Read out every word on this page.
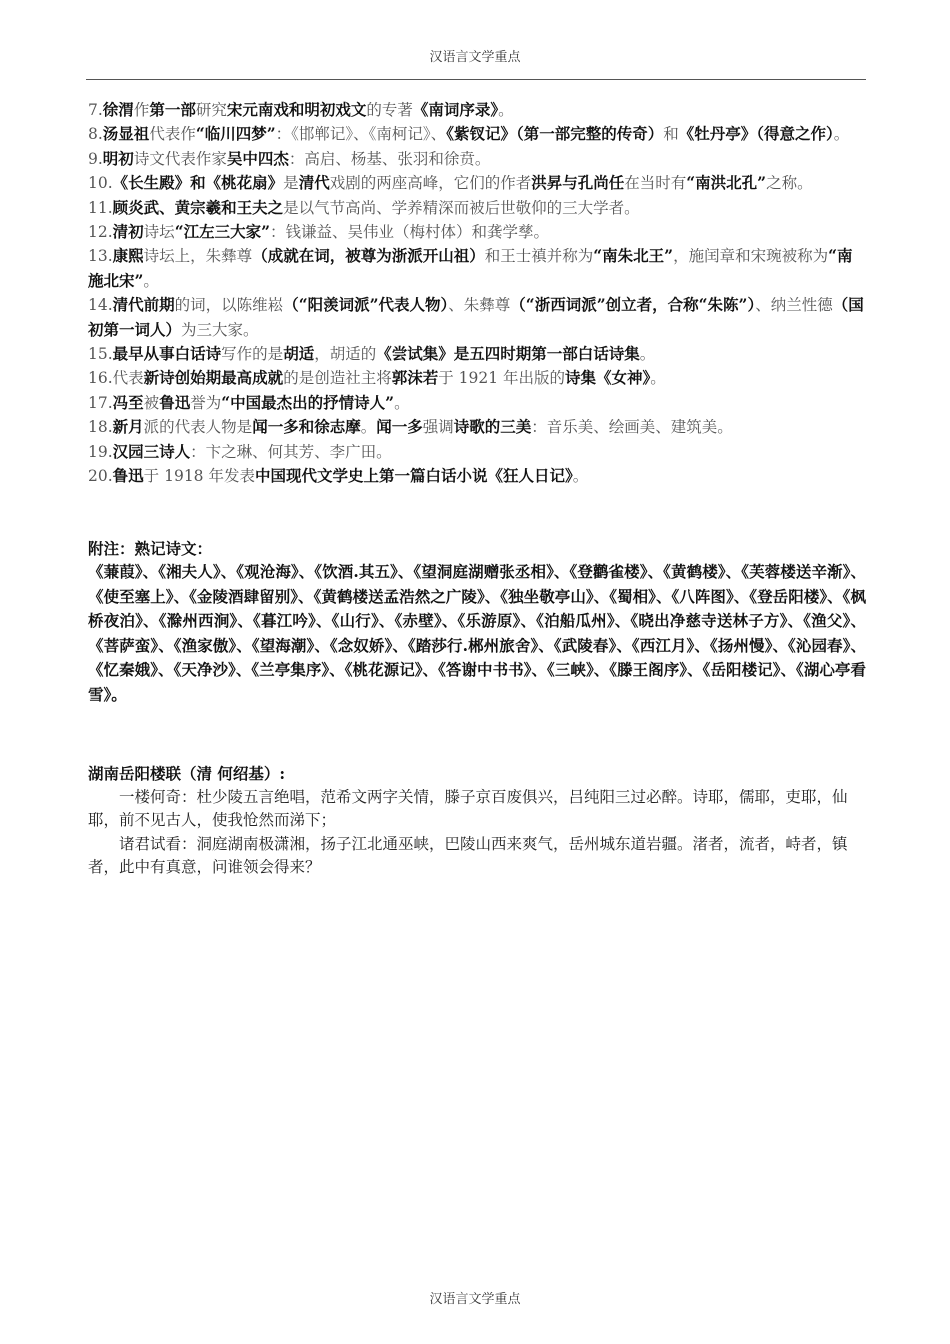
汉语言文学重点
7.徐渭作第一部研究宋元南戏和明初戏文的专著《南词序录》。
8.汤显祖代表作“临川四梦”：《邯郸记》、《南柯记》、《紫钗记》（第一部完整的传奇）和《牡丹亭》（得意之作）。
9.明初诗文代表作家吴中四杰：高启、杨基、张羽和徐贲。
10.《长生殿》和《桃花扇》是清代戏剧的两座高峰，它们的作者洪昇与孔尚任在当时有“南洪北孔”之称。
11.顾炎武、黄宗羲和王夫之是以气节高尚、学养精深而被后世敬仰的三大学者。
12.清初诗坛“江左三大家”：钱谦益、吴伟业（梅村体）和龚学孳。
13.康熙诗坛上，朱彝尊（成就在词，被尊为浙派开山祖）和王士禛并称为“南朱北王”，施闰章和宋琬被称为“南施北宋”。
14.清代前期的词，以陈维崧（“阳羡词派”代表人物）、朱彝尊（“浙西词派”创立者，合称“朱陈”）、纳兰性德（国初第一词人）为三大家。
15.最早从事白话诗写作的是胡适，胡适的《尝试集》是五四时期第一部白话诗集。
16.代表新诗创始期最高成就的是创造社主将郭沫若于 1921 年出版的诗集《女神》。
17.冯至被鲁迅誉为“中国最杰出的抒情诗人”。
18.新月派的代表人物是闻一多和徐志摩。闻一多强调诗歌的三美：音乐美、绘画美、建筑美。
19.汉园三诗人：卞之琳、何其芳、李广田。
20.鲁迅于 1918 年发表中国现代文学史上第一篇白话小说《狂人日记》。
附注：熟记诗文：
《蒹葭》、《湘夫人》、《观沧海》、《饮酒.其五》、《望洞庭湖赠张丞相》、《登鹳雀楼》、《黄鹤楼》、《芙蓉楼送辛渐》、《使至塞上》、《金陵酒肆留别》、《黄鹤楼送孟浩然之广陵》、《独坐敬亭山》、《蜀相》、《八阵图》、《登岳阳楼》、《枫桥夜泊》、《滁州西涧》、《暮江吟》、《山行》、《赤壁》、《乐游原》、《泊船瓜州》、《晓出净慈寺送林子方》、《渔父》、《菩萨蛮》、《渔家傲》、《望海潮》、《念奴娇》、《踏莎行.郴州旅舍》、《武陵春》、《西江月》、《扬州慢》、《沁园春》、《忆秦娥》、《天净沙》、《兰亭集序》、《桃花源记》、《答谢中书书》、《三峡》、《滕王阁序》、《岳阳楼记》、《湖心亭看雪》。
湖南岳阳楼联（清 何绍基）:
一楼何奇：杜少陵五言绝唱，范希文两字关情，滕子京百废俱兴，吕纯阳三过必醉。诗耶，儒耶，吏耶，仙耶，前不见古人，使我怆然而涕下；
诸君试看：洞庭湖南极潇湘，扬子江北通巫峡，巴陵山西来爽气，岳州城东道岩疆。渚者，流者，峙者，镇者，此中有真意，问谁领会得来？
汉语言文学重点
